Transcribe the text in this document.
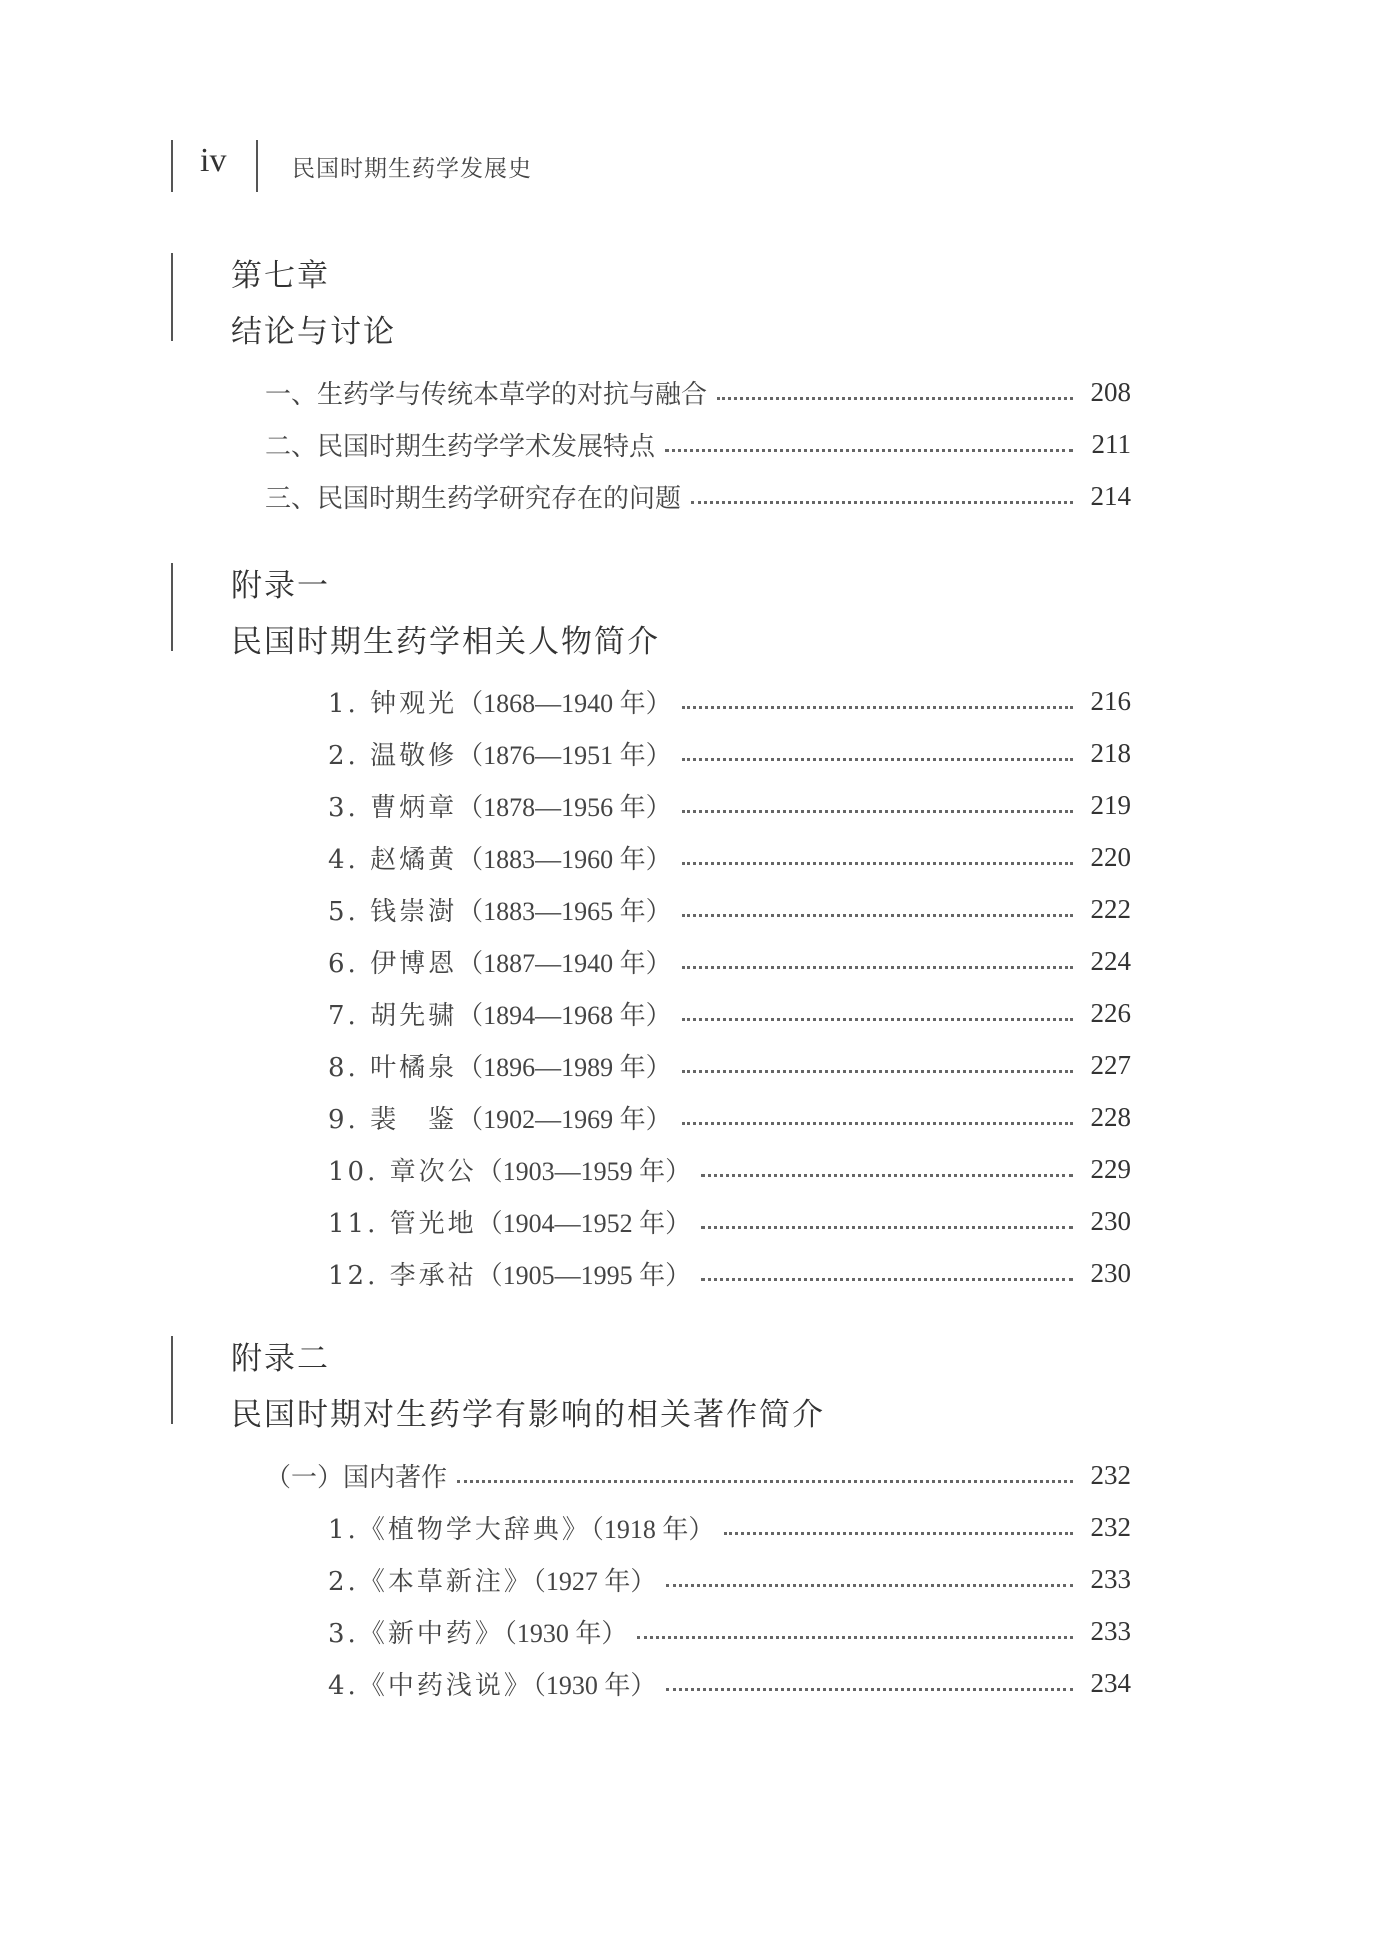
iv	民国时期生药学发展史
第七章
结论与讨论
一、生药学与传统本草学的对抗与融合	208
二、民国时期生药学学术发展特点	211
三、民国时期生药学研究存在的问题	214
附录一
民国时期生药学相关人物简介
1. 钟观光（1868—1940 年）	216
2. 温敬修（1876—1951 年）	218
3. 曹炳章（1878—1956 年）	219
4. 赵燏黄（1883—1960 年）	220
5. 钱崇澍（1883—1965 年）	222
6. 伊博恩（1887—1940 年）	224
7. 胡先骕（1894—1968 年）	226
8. 叶橘泉（1896—1989 年）	227
9. 裴　鉴（1902—1969 年）	228
10. 章次公（1903—1959 年）	229
11. 管光地（1904—1952 年）	230
12. 李承祜（1905—1995 年）	230
附录二
民国时期对生药学有影响的相关著作简介
（一）国内著作	232
1.《植物学大辞典》（1918 年）	232
2.《本草新注》（1927 年）	233
3.《新中药》（1930 年）	233
4.《中药浅说》（1930 年）	234
